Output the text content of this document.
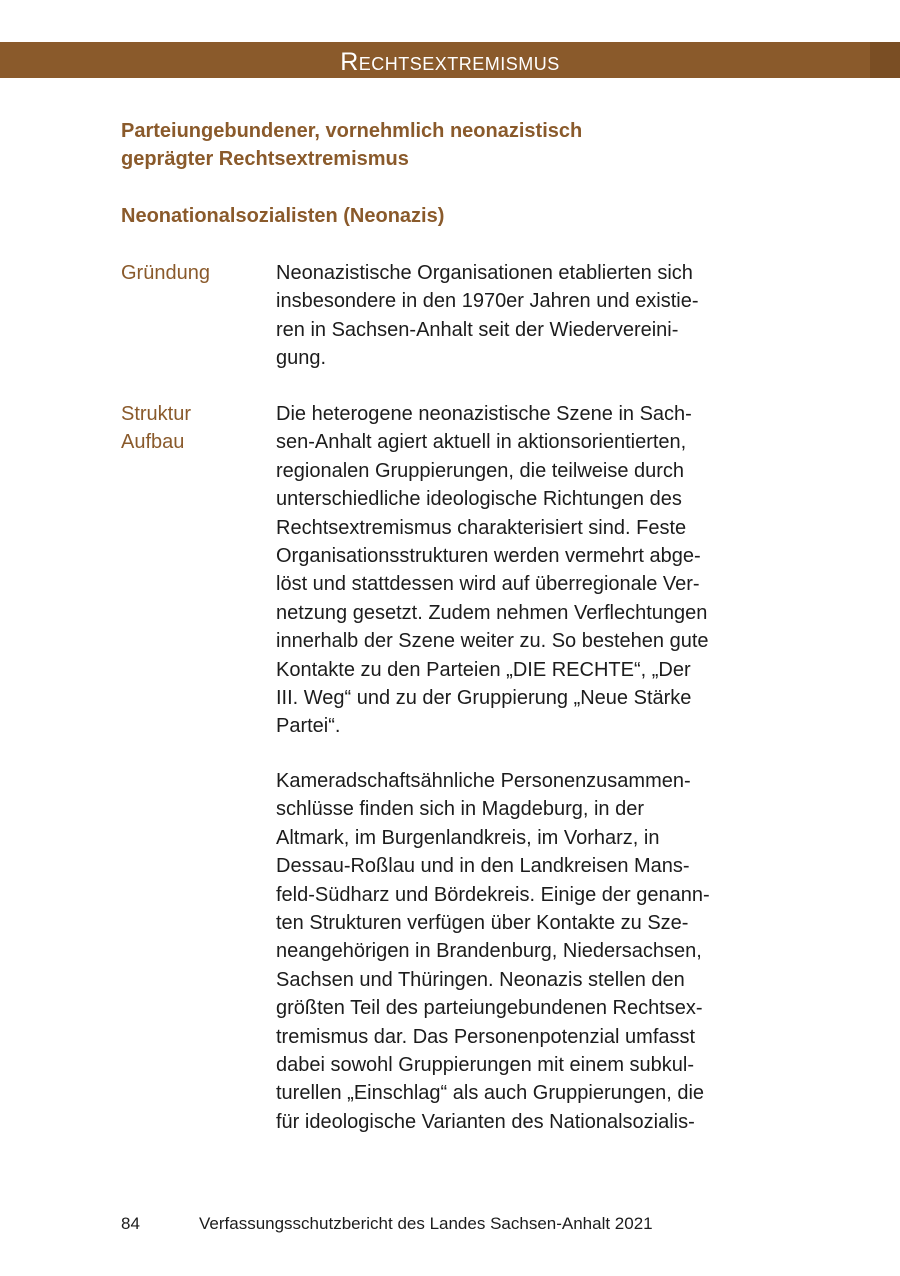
Rechtsextremismus
Parteiungebundener, vornehmlich neonazistisch
geprägter Rechtsextremismus
Neonationalsozialisten (Neonazis)
Gründung	Neonazistische Organisationen etablierten sich
insbesondere in den 1970er Jahren und existie-
ren in Sachsen-Anhalt seit der Wiedervereini-
gung.
Struktur
Aufbau
Die heterogene neonazistische Szene in Sach-
sen-Anhalt agiert aktuell in aktionsorientierten,
regionalen Gruppierungen, die teilweise durch
unterschiedliche ideologische Richtungen des
Rechtsextremismus charakterisiert sind. Feste
Organisationsstrukturen werden vermehrt abge-
löst und stattdessen wird auf überregionale Ver-
netzung gesetzt. Zudem nehmen Verflechtungen
innerhalb der Szene weiter zu. So bestehen gute
Kontakte zu den Parteien „DIE RECHTE“, „Der
III. Weg“ und zu der Gruppierung „Neue Stärke
Partei“.
Kameradschaftsähnliche Personenzusammen-
schlüsse finden sich in Magdeburg, in der
Altmark, im Burgenlandkreis, im Vorharz, in
Dessau-Roßlau und in den Landkreisen Mans-
feld-Südharz und Bördekreis. Einige der genann-
ten Strukturen verfügen über Kontakte zu Sze-
neangehörigen in Brandenburg, Niedersachsen,
Sachsen und Thüringen. Neonazis stellen den
größten Teil des parteiungebundenen Rechtsex-
tremismus dar. Das Personenpotenzial umfasst
dabei sowohl Gruppierungen mit einem subkul-
turellen „Einschlag“ als auch Gruppierungen, die
für ideologische Varianten des Nationalsozialis-
84	Verfassungsschutzbericht des Landes Sachsen-Anhalt 2021
